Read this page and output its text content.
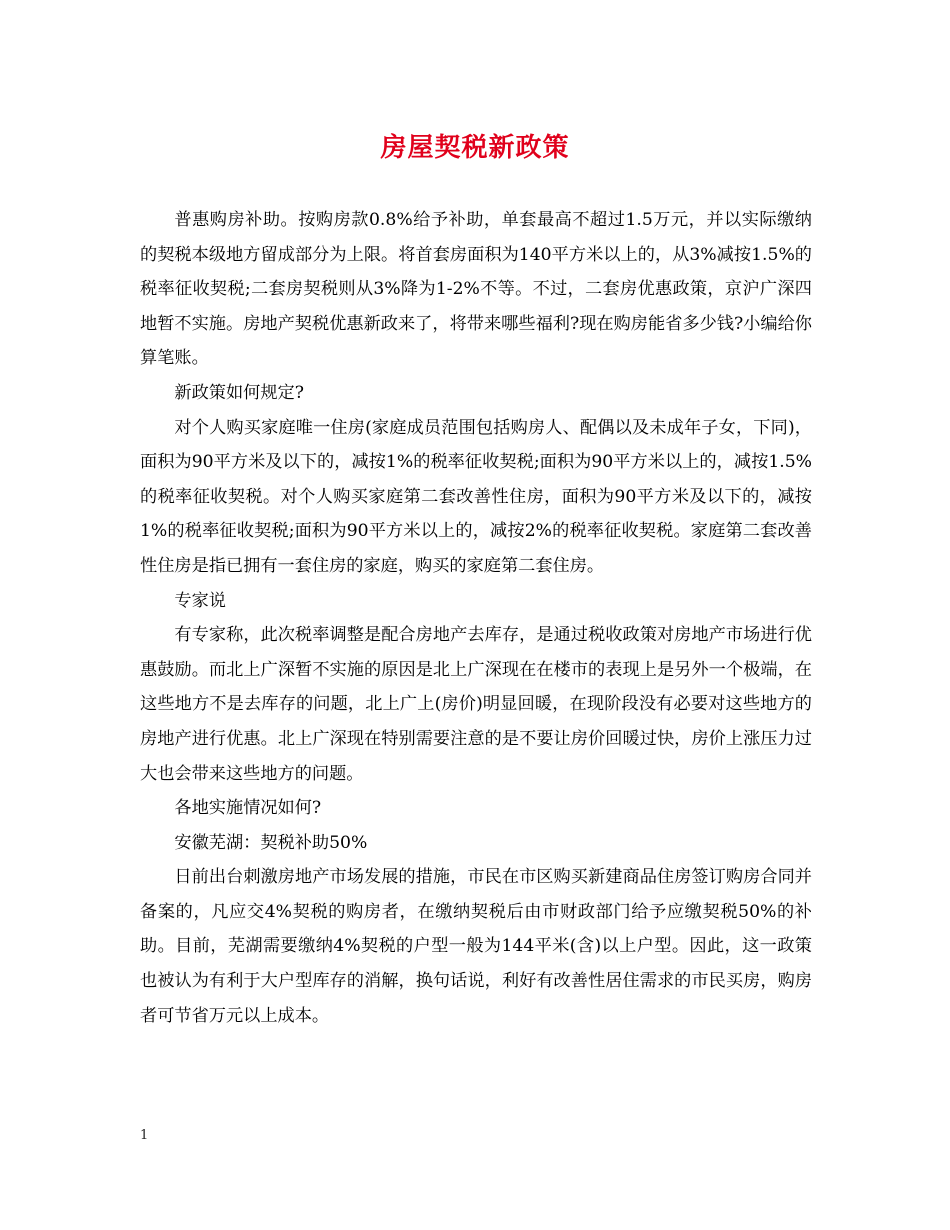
房屋契税新政策

普惠购房补助。按购房款0.8%给予补助，单套最高不超过1.5万元，并以实际缴纳的契税本级地方留成部分为上限。将首套房面积为140平方米以上的，从3%减按1.5%的税率征收契税;二套房契税则从3%降为1-2%不等。不过，二套房优惠政策，京沪广深四地暂不实施。房地产契税优惠新政来了，将带来哪些福利?现在购房能省多少钱?小编给你算笔账。

新政策如何规定?

对个人购买家庭唯一住房(家庭成员范围包括购房人、配偶以及未成年子女，下同)，面积为90平方米及以下的，减按1%的税率征收契税;面积为90平方米以上的，减按1.5%的税率征收契税。对个人购买家庭第二套改善性住房，面积为90平方米及以下的，减按1%的税率征收契税;面积为90平方米以上的，减按2%的税率征收契税。家庭第二套改善性住房是指已拥有一套住房的家庭，购买的家庭第二套住房。

专家说

有专家称，此次税率调整是配合房地产去库存，是通过税收政策对房地产市场进行优惠鼓励。而北上广深暂不实施的原因是北上广深现在在楼市的表现上是另外一个极端，在这些地方不是去库存的问题，北上广上(房价)明显回暖，在现阶段没有必要对这些地方的房地产进行优惠。北上广深现在特别需要注意的是不要让房价回暖过快，房价上涨压力过大也会带来这些地方的问题。

各地实施情况如何?

安徽芜湖：契税补助50%

日前出台刺激房地产市场发展的措施，市民在市区购买新建商品住房签订购房合同并备案的，凡应交4%契税的购房者，在缴纳契税后由市财政部门给予应缴契税50%的补助。目前，芜湖需要缴纳4%契税的户型一般为144平米(含)以上户型。因此，这一政策也被认为有利于大户型库存的消解，换句话说，利好有改善性居住需求的市民买房，购房者可节省万元以上成本。

1
